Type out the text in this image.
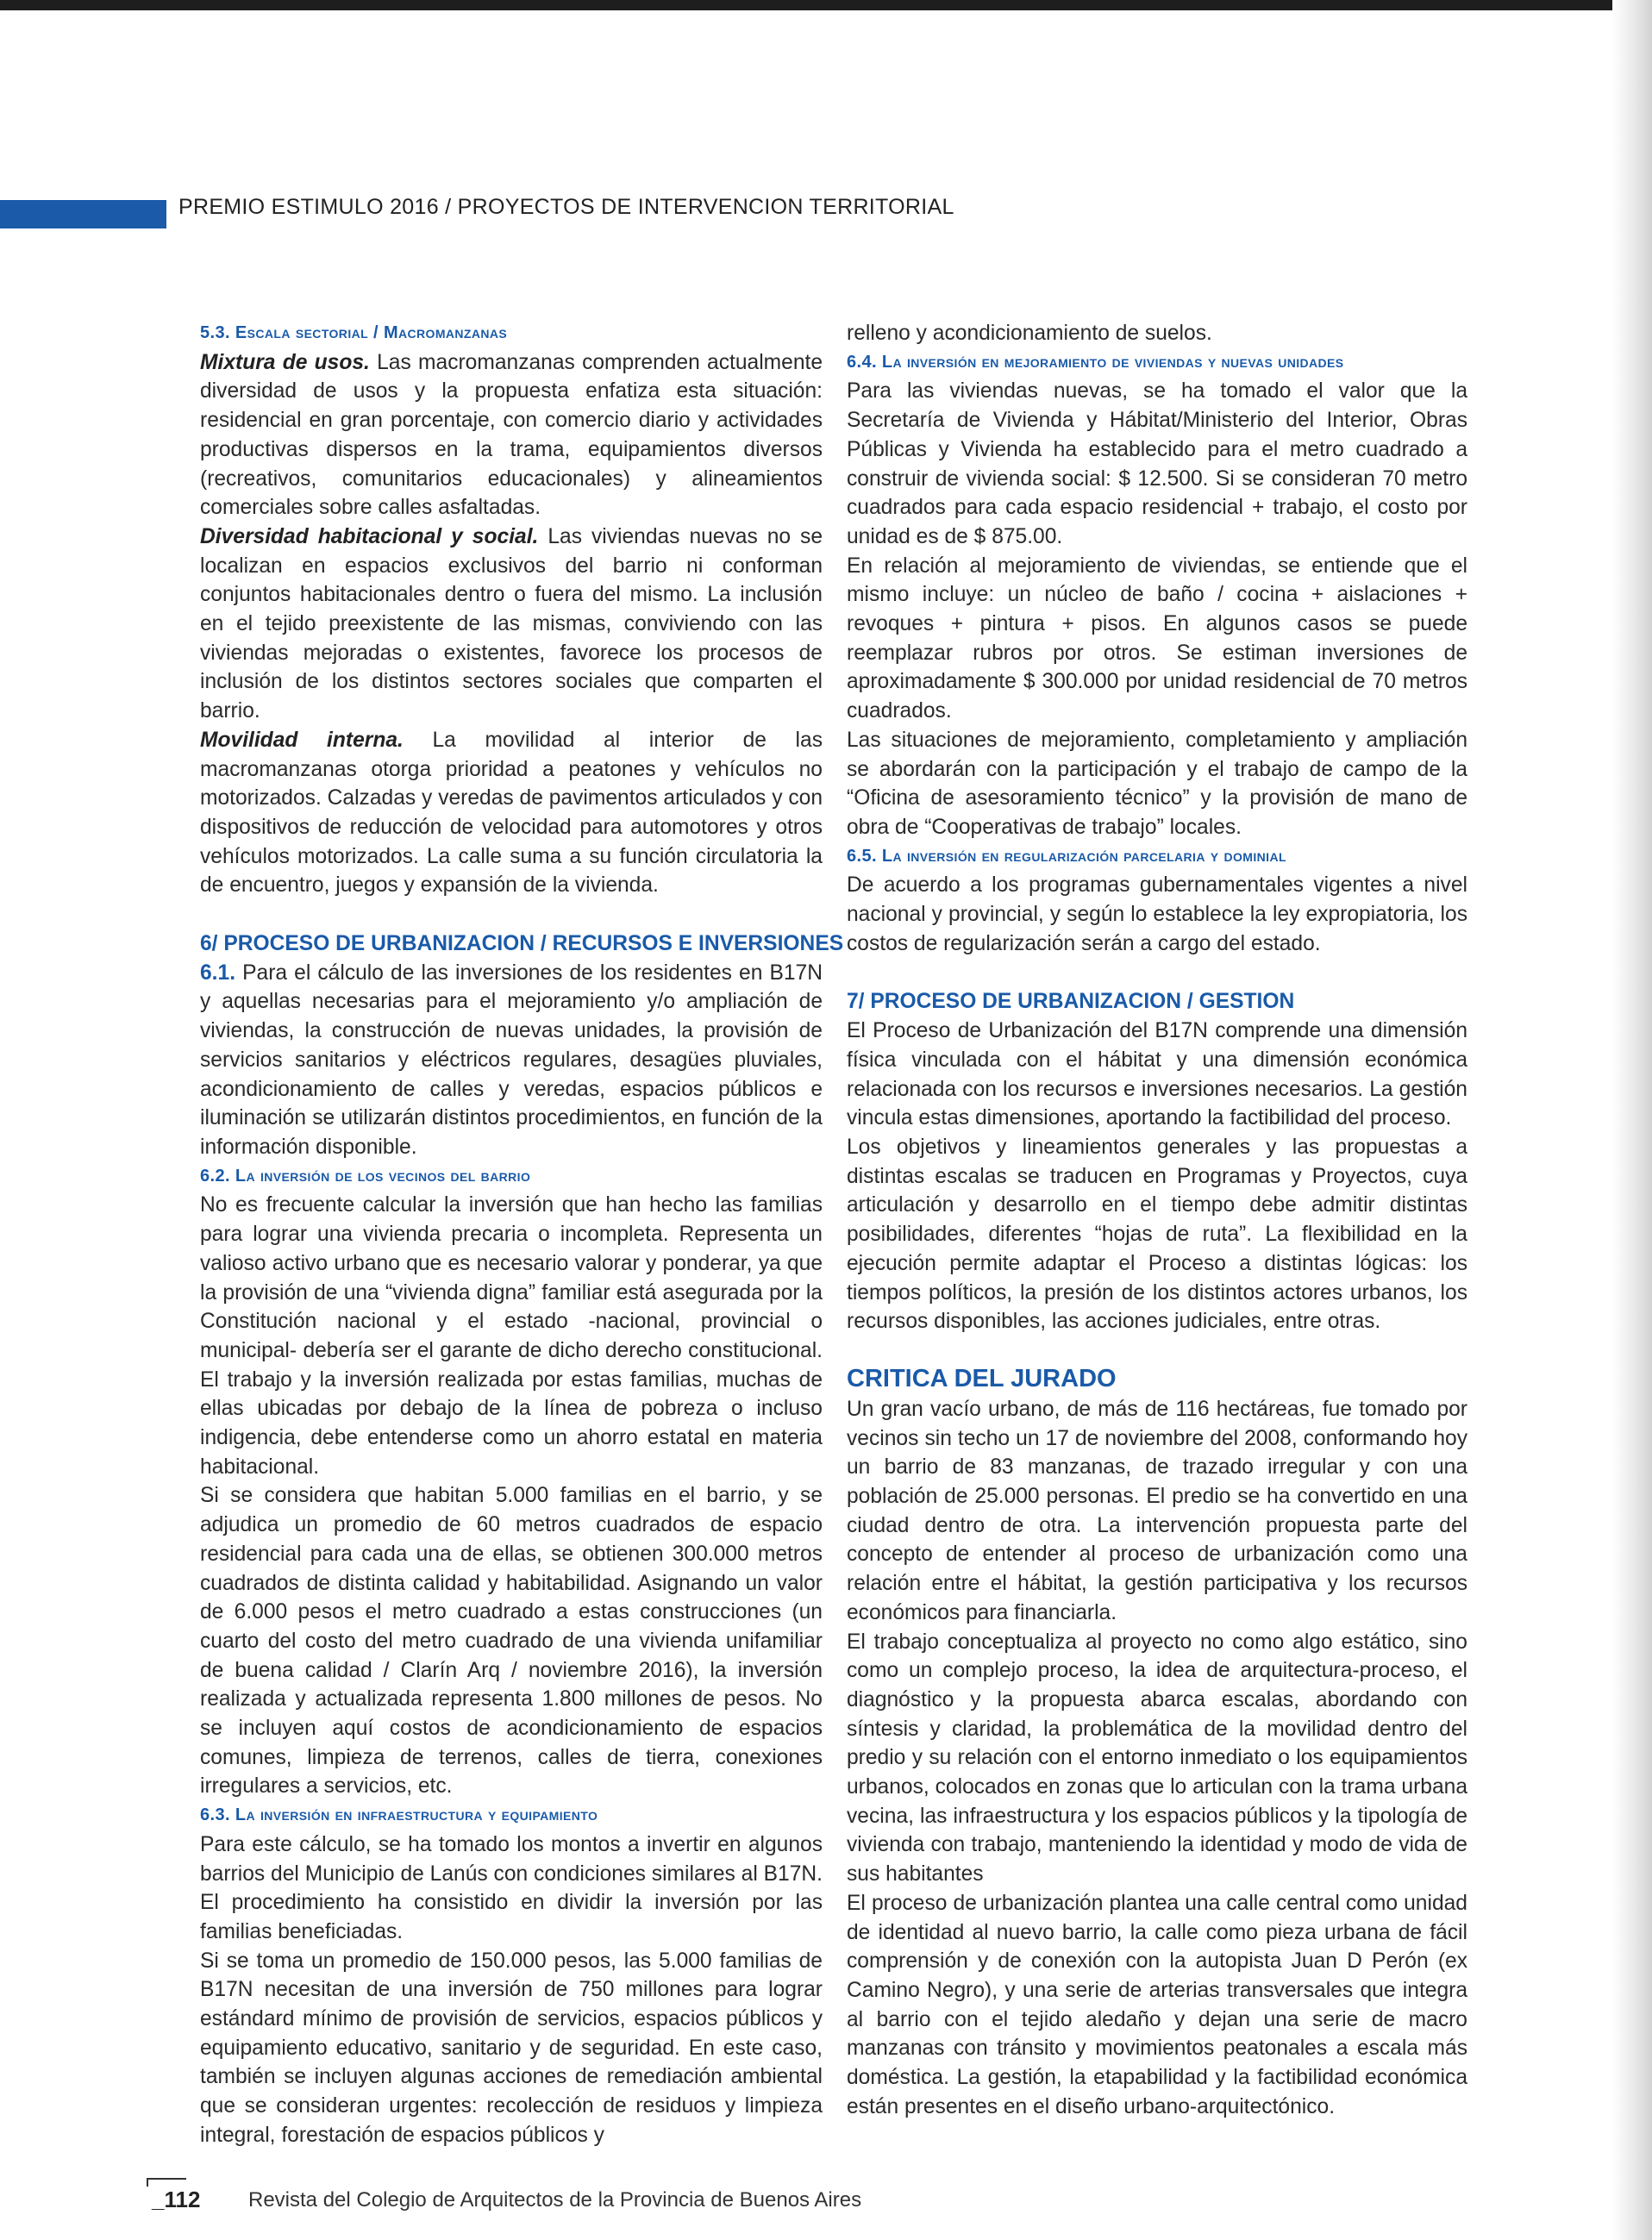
PREMIO ESTIMULO 2016 / PROYECTOS DE INTERVENCION TERRITORIAL

5.3. Escala sectorial / Macromanzanas

Mixtura de usos. Las macromanzanas comprenden actualmente diversidad de usos y la propuesta enfatiza esta situación: residencial en gran porcentaje, con comercio diario y actividades productivas dispersos en la trama, equipamientos diversos (recreativos, comunitarios educacionales) y alineamientos comerciales sobre calles asfaltadas.

Diversidad habitacional y social. Las viviendas nuevas no se localizan en espacios exclusivos del barrio ni conforman conjuntos habitacionales dentro o fuera del mismo. La inclusión en el tejido preexistente de las mismas, conviviendo con las viviendas mejoradas o existentes, favorece los procesos de inclusión de los distintos sectores sociales que comparten el barrio.

Movilidad interna. La movilidad al interior de las macromanzanas otorga prioridad a peatones y vehículos no motorizados. Calzadas y veredas de pavimentos articulados y con dispositivos de reducción de velocidad para automotores y otros vehículos motorizados. La calle suma a su función circulatoria la de encuentro, juegos y expansión de la vivienda.

6/ PROCESO DE URBANIZACION / RECURSOS E INVERSIONES

6.1. Para el cálculo de las inversiones de los residentes en B17N y aquellas necesarias para el mejoramiento y/o ampliación de viviendas, la construcción de nuevas unidades, la provisión de servicios sanitarios y eléctricos regulares, desagües pluviales, acondicionamiento de calles y veredas, espacios públicos e iluminación se utilizarán distintos procedimientos, en función de la información disponible.

6.2. La inversión de los vecinos del barrio

No es frecuente calcular la inversión que han hecho las familias para lograr una vivienda precaria o incompleta. Representa un valioso activo urbano que es necesario valorar y ponderar, ya que la provisión de una “vivienda digna” familiar está asegurada por la Constitución nacional y el estado -nacional, provincial o municipal- debería ser el garante de dicho derecho constitucional. El trabajo y la inversión realizada por estas familias, muchas de ellas ubicadas por debajo de la línea de pobreza o incluso indigencia, debe entenderse como un ahorro estatal en materia habitacional.

Si se considera que habitan 5.000 familias en el barrio, y se adjudica un promedio de 60 metros cuadrados de espacio residencial para cada una de ellas, se obtienen 300.000 metros cuadrados de distinta calidad y habitabilidad. Asignando un valor de 6.000 pesos el metro cuadrado a estas construcciones (un cuarto del costo del metro cuadrado de una vivienda unifamiliar de buena calidad / Clarín Arq / noviembre 2016), la inversión realizada y actualizada representa 1.800 millones de pesos. No se incluyen aquí costos de acondicionamiento de espacios comunes, limpieza de terrenos, calles de tierra, conexiones irregulares a servicios, etc.

6.3. La inversión en infraestructura y equipamiento

Para este cálculo, se ha tomado los montos a invertir en algunos barrios del Municipio de Lanús con condiciones similares al B17N. El procedimiento ha consistido en dividir la inversión por las familias beneficiadas.

Si se toma un promedio de 150.000 pesos, las 5.000 familias de B17N necesitan de una inversión de 750 millones para lograr estándard mínimo de provisión de servicios, espacios públicos y equipamiento educativo, sanitario y de seguridad. En este caso, también se incluyen algunas acciones de remediación ambiental que se consideran urgentes: recolección de residuos y limpieza integral, forestación de espacios públicos y

relleno y acondicionamiento de suelos.

6.4. La inversión en mejoramiento de viviendas y nuevas unidades

Para las viviendas nuevas, se ha tomado el valor que la Secretaría de Vivienda y Hábitat/Ministerio del Interior, Obras Públicas y Vivienda ha establecido para el metro cuadrado a construir de vivienda social: $ 12.500. Si se consideran 70 metro cuadrados para cada espacio residencial + trabajo, el costo por unidad es de $ 875.00.

En relación al mejoramiento de viviendas, se entiende que el mismo incluye: un núcleo de baño / cocina + aislaciones + revoques + pintura + pisos. En algunos casos se puede reemplazar rubros por otros. Se estiman inversiones de aproximadamente $ 300.000 por unidad residencial de 70 metros cuadrados.

Las situaciones de mejoramiento, completamiento y ampliación se abordarán con la participación y el trabajo de campo de la “Oficina de asesoramiento técnico” y la provisión de mano de obra de “Cooperativas de trabajo” locales.

6.5. La inversión en regularización parcelaria y dominial

De acuerdo a los programas gubernamentales vigentes a nivel nacional y provincial, y según lo establece la ley expropiatoria, los costos de regularización serán a cargo del estado.

7/ PROCESO DE URBANIZACION / GESTION

El Proceso de Urbanización del B17N comprende una dimensión física vinculada con el hábitat y una dimensión económica relacionada con los recursos e inversiones necesarios. La gestión vincula estas dimensiones, aportando la factibilidad del proceso.

Los objetivos y lineamientos generales y las propuestas a distintas escalas se traducen en Programas y Proyectos, cuya articulación y desarrollo en el tiempo debe admitir distintas posibilidades, diferentes “hojas de ruta”. La flexibilidad en la ejecución permite adaptar el Proceso a distintas lógicas: los tiempos políticos, la presión de los distintos actores urbanos, los recursos disponibles, las acciones judiciales, entre otras.

CRITICA DEL JURADO

Un gran vacío urbano, de más de 116 hectáreas, fue tomado por vecinos sin techo un 17 de noviembre del 2008, conformando hoy un barrio de 83 manzanas, de trazado irregular y con una población de 25.000 personas. El predio se ha convertido en una ciudad dentro de otra. La intervención propuesta parte del concepto de entender al proceso de urbanización como una relación entre el hábitat, la gestión participativa y los recursos económicos para financiarla.

El trabajo conceptualiza al proyecto no como algo estático, sino como un complejo proceso, la idea de arquitectura-proceso, el diagnóstico y la propuesta abarca escalas, abordando con síntesis y claridad, la problemática de la movilidad dentro del predio y su relación con el entorno inmediato o los equipamientos urbanos, colocados en zonas que lo articulan con la trama urbana vecina, las infraestructura y los espacios públicos y la tipología de vivienda con trabajo, manteniendo la identidad y modo de vida de sus habitantes

El proceso de urbanización plantea una calle central como unidad de identidad al nuevo barrio, la calle como pieza urbana de fácil comprensión y de conexión con la autopista Juan D Perón (ex Camino Negro), y una serie de arterias transversales que integra al barrio con el tejido aledaño y dejan una serie de macro manzanas con tránsito y movimientos peatonales a escala más doméstica. La gestión, la etapabilidad y la factibilidad económica están presentes en el diseño urbano-arquitectónico.

_112 Revista del Colegio de Arquitectos de la Provincia de Buenos Aires
